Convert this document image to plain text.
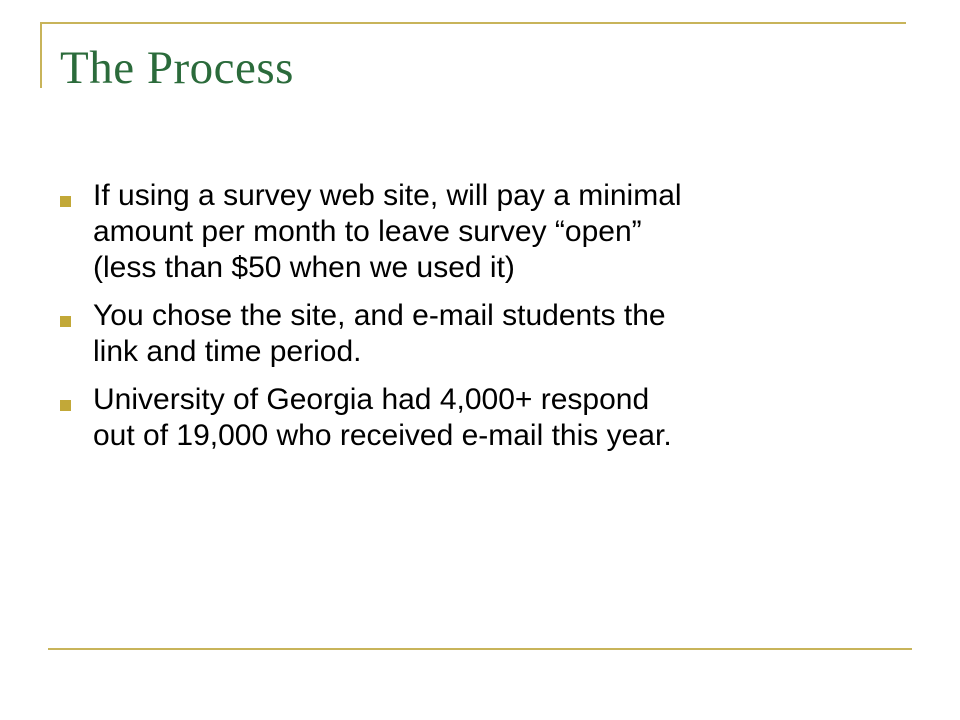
The Process
If using a survey web site, will pay a minimal
amount per month to leave survey “open”
(less than $50 when we used it)
You chose the site, and e-mail students the
link and time period.
University of Georgia had 4,000+ respond
out of 19,000 who received e-mail this year.
